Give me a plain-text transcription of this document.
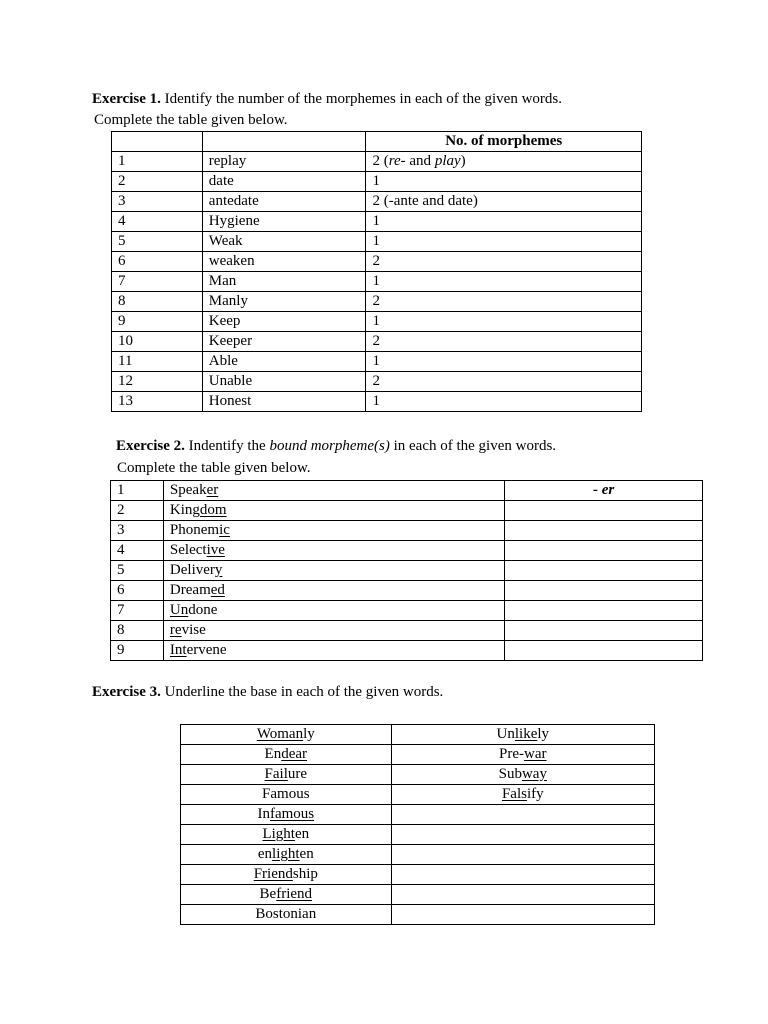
Exercise 1. Identify the number of the morphemes in each of the given words.
Complete the table given below.
		No. of morphemes
1	replay	2 (re- and play)
2	date	1
3	antedate	2 (-ante and date)
4	Hygiene	1
5	Weak	1
6	weaken	2
7	Man	1
8	Manly	2
9	Keep	1
10	Keeper	2
11	Able	1
12	Unable	2
13	Honest	1
Exercise 2. Indentify the bound morpheme(s) in each of the given words.
Complete the table given below.
1	Speaker	- er
2	Kingdom	
3	Phonemic	
4	Selective	
5	Delivery	
6	Dreamed	
7	Undone	
8	revise	
9	Intervene	
Exercise 3. Underline the base in each of the given words.
Womanly	Unlikely
Endear	Pre-war
Failure	Subway
Famous	Falsify
Infamous	
Lighten	
enlighten	
Friendship	
Befriend	
Bostonian	
